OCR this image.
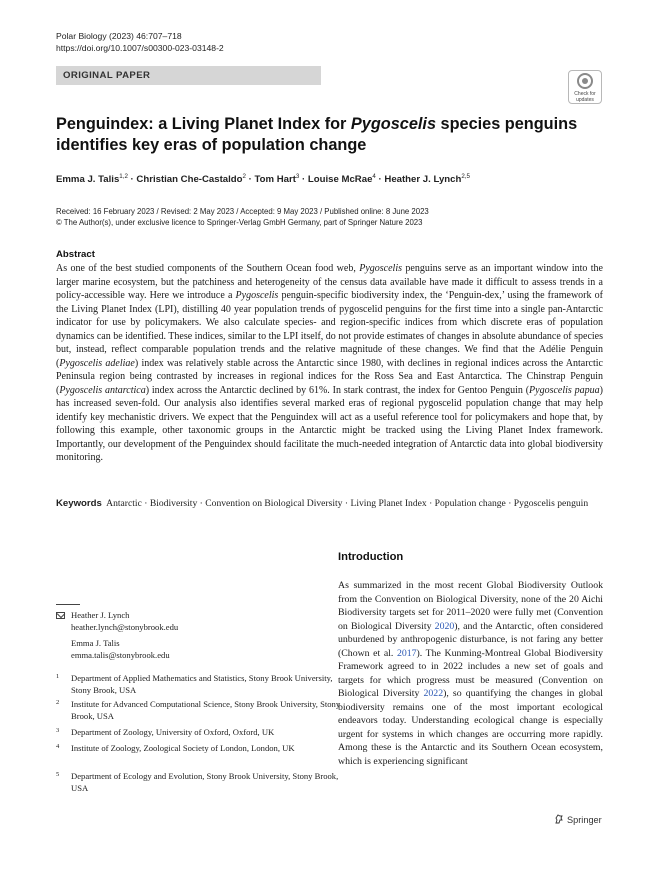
Polar Biology (2023) 46:707–718
https://doi.org/10.1007/s00300-023-03148-2
ORIGINAL PAPER
Check for
updates
Penguindex: a Living Planet Index for Pygoscelis species penguins identifies key eras of population change
Emma J. Talis$^{1,2}$ · Christian Che‑Castaldo$^2$ · Tom Hart$^3$ · Louise McRae$^4$ · Heather J. Lynch$^{2,5}$
Received: 16 February 2023 / Revised: 2 May 2023 / Accepted: 9 May 2023 / Published online: 8 June 2023
© The Author(s), under exclusive licence to Springer-Verlag GmbH Germany, part of Springer Nature 2023
Abstract
As one of the best studied components of the Southern Ocean food web, Pygoscelis penguins serve as an important window into the larger marine ecosystem, but the patchiness and heterogeneity of the census data available have made it difficult to assess trends in a policy-accessible way. Here we introduce a Pygoscelis penguin-specific biodiversity index, the ‘Penguin-dex,’ using the framework of the Living Planet Index (LPI), distilling 40 year population trends of pygoscelid penguins for the first time into a single pan-Antarctic indicator for use by policymakers. We also calculate species- and region-specific indices from which discrete eras of population dynamics can be identified. These indices, similar to the LPI itself, do not provide estimates of changes in absolute abundance of species but, instead, reflect comparable population trends and the relative magnitude of these changes. We find that the Adélie Penguin (Pygoscelis adeliae) index was relatively stable across the Antarctic since 1980, with declines in regional indices across the Antarctic Peninsula region being contrasted by increases in regional indices for the Ross Sea and East Antarctica. The Chinstrap Penguin (Pygoscelis antarctica) index across the Antarctic declined by 61%. In stark contrast, the index for Gentoo Penguin (Pygoscelis papua) has increased seven-fold. Our analysis also identifies several marked eras of regional pygoscelid population change that may help identify key mechanistic drivers. We expect that the Penguindex will act as a useful reference tool for policymakers and hope that, by following this example, other taxonomic groups in the Antarctic might be tracked using the Living Planet Index framework. Importantly, our development of the Penguindex should facilitate the much-needed integration of Antarctic data into global biodiversity monitoring.
Keywords Antarctic · Biodiversity · Convention on Biological Diversity · Living Planet Index · Population change · Pygoscelis penguin
Introduction
As summarized in the most recent Global Biodiversity Outlook from the Convention on Biological Diversity, none of the 20 Aichi Biodiversity targets set for 2011–2020 were fully met (Convention on Biological Diversity 2020), and the Antarctic, often considered unburdened by anthropogenic disturbance, is not faring any better (Chown et al. 2017). The Kunming-Montreal Global Biodiversity Framework agreed to in 2022 includes a new set of goals and targets for which progress must be measured (Convention on Biological Diversity 2022), so quantifying the changes in global biodiversity remains one of the most important ecological endeavors today. Understanding ecological change is especially urgent for systems in which changes are occurring more rapidly. Among these is the Antarctic and its Southern Ocean ecosystem, which is experiencing significant
Heather J. Lynch
heather.lynch@stonybrook.edu
Emma J. Talis
emma.talis@stonybrook.edu
1 Department of Applied Mathematics and Statistics, Stony Brook University, Stony Brook, USA
2 Institute for Advanced Computational Science, Stony Brook University, Stony Brook, USA
3 Department of Zoology, University of Oxford, Oxford, UK
4 Institute of Zoology, Zoological Society of London, London, UK
5 Department of Ecology and Evolution, Stony Brook University, Stony Brook, USA
Springer
